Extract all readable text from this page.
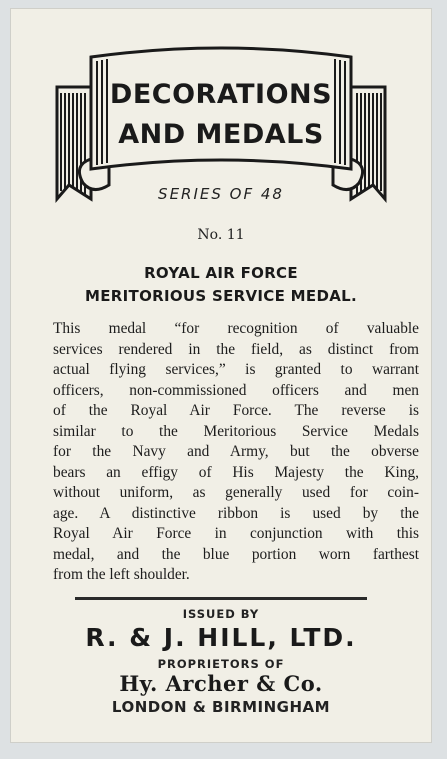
DECORATIONS
AND MEDALS
SERIES OF 48
No. 11
ROYAL AIR FORCE
MERITORIOUS SERVICE MEDAL.
This medal “for recognition of valuable
services rendered in the field, as distinct from
actual flying services,” is granted to warrant
officers, non-commissioned officers and men
of the Royal Air Force. The reverse is
similar to the Meritorious Service Medals
for the Navy and Army, but the obverse
bears an effigy of His Majesty the King,
without uniform, as generally used for coin-
age. A distinctive ribbon is used by the
Royal Air Force in conjunction with this
medal, and the blue portion worn farthest
from the left shoulder.
ISSUED BY
R. & J. HILL, LTD.
PROPRIETORS OF
Hy. Archer & Co.
LONDON & BIRMINGHAM
